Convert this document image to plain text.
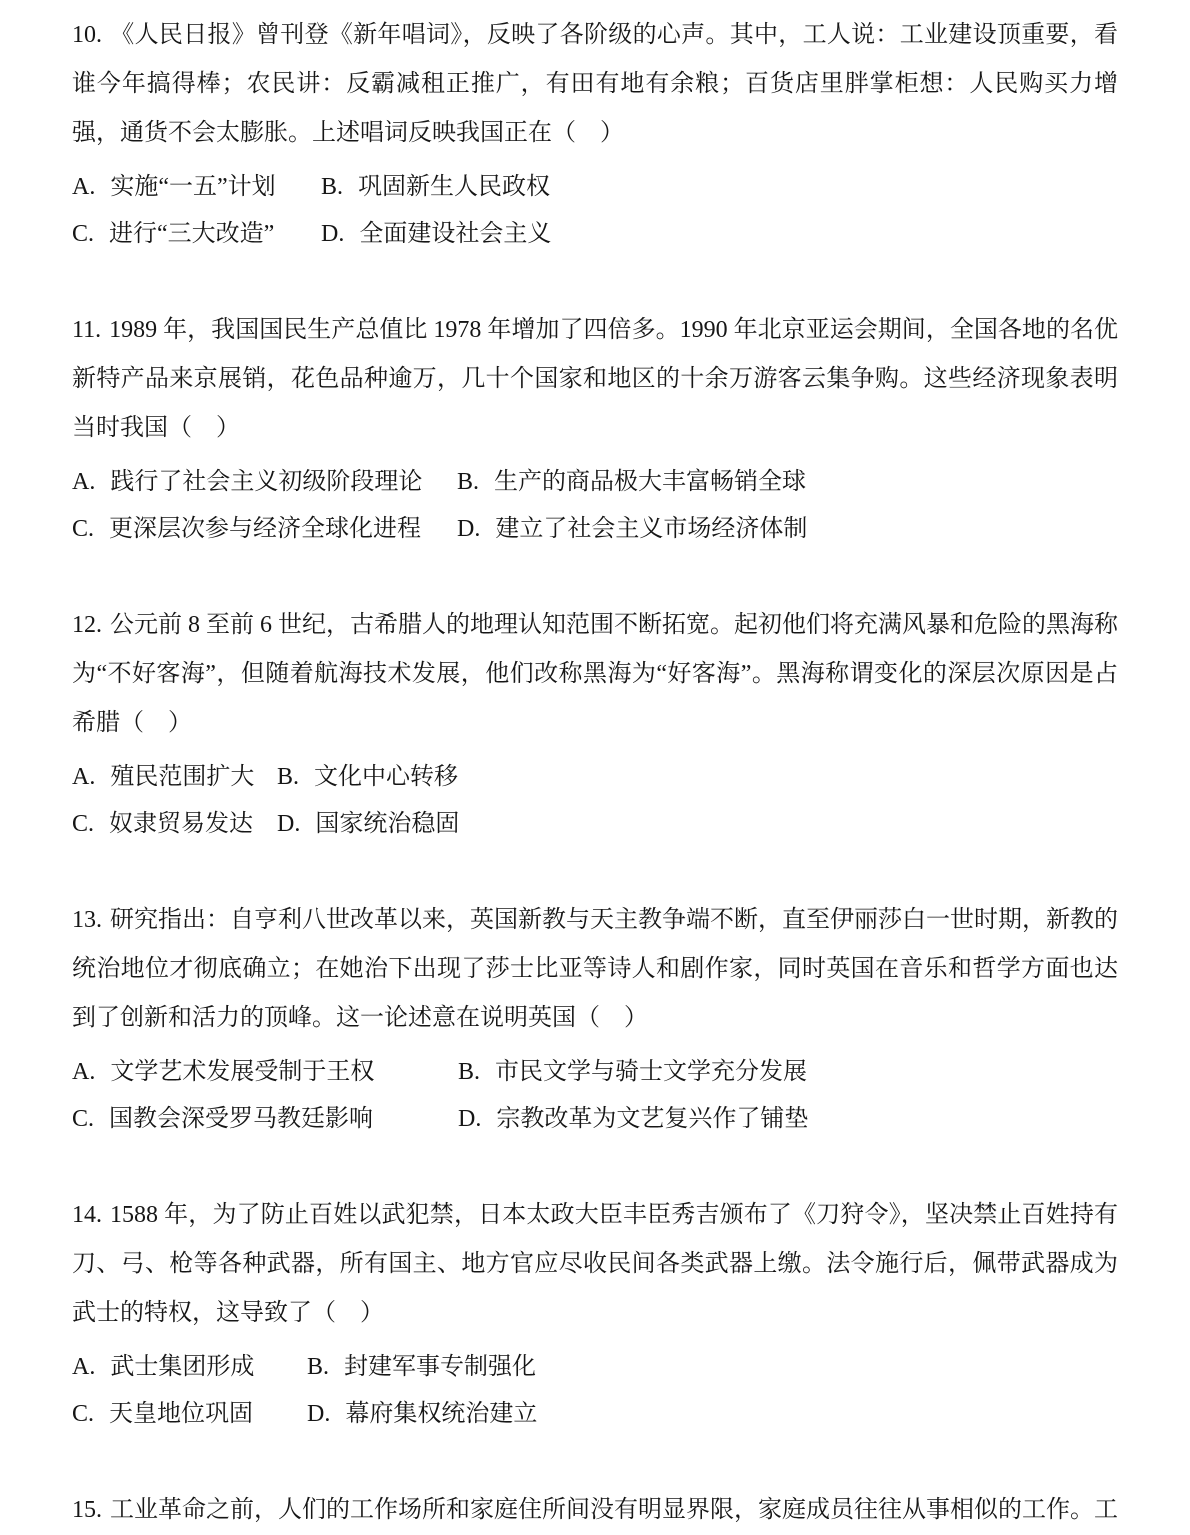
10. 《人民日报》曾刊登《新年唱词》，反映了各阶级的心声。其中，工人说：工业建设顶重要，看谁今年搞得棒；农民讲：反霸减租正推广，有田有地有余粮；百货店里胖掌柜想：人民购买力增强，通货不会太膨胀。上述唱词反映我国正在（　）

A. 实施“一五”计划 B. 巩固新生人民政权
C. 进行“三大改造” D. 全面建设社会主义

11. 1989 年，我国国民生产总值比 1978 年增加了四倍多。1990 年北京亚运会期间，全国各地的名优新特产品来京展销，花色品种逾万，几十个国家和地区的十余万游客云集争购。这些经济现象表明当时我国（　）

A. 践行了社会主义初级阶段理论 B. 生产的商品极大丰富畅销全球
C. 更深层次参与经济全球化进程 D. 建立了社会主义市场经济体制

12. 公元前 8 至前 6 世纪，古希腊人的地理认知范围不断拓宽。起初他们将充满风暴和危险的黑海称为“不好客海”，但随着航海技术发展，他们改称黑海为“好客海”。黑海称谓变化的深层次原因是占希腊（　）

A. 殖民范围扩大 B. 文化中心转移
C. 奴隶贸易发达 D. 国家统治稳固

13. 研究指出：自亨利八世改革以来，英国新教与天主教争端不断，直至伊丽莎白一世时期，新教的统治地位才彻底确立；在她治下出现了莎士比亚等诗人和剧作家，同时英国在音乐和哲学方面也达到了创新和活力的顶峰。这一论述意在说明英国（　）

A. 文学艺术发展受制于王权	B. 市民文学与骑士文学充分发展
C. 国教会深受罗马教廷影响	D. 宗教改革为文艺复兴作了铺垫

14. 1588 年，为了防止百姓以武犯禁，日本太政大臣丰臣秀吉颁布了《刀狩令》，坚决禁止百姓持有刀、弓、枪等各种武器，所有国主、地方官应尽收民间各类武器上缴。法令施行后，佩带武器成为武士的特权，这导致了（　）

A. 武士集团形成 B. 封建军事专制强化
C. 天皇地位巩固 D. 幕府集权统治建立

15. 工业革命之前，人们的工作场所和家庭住所间没有明显界限，家庭成员往往从事相似的工作。工
